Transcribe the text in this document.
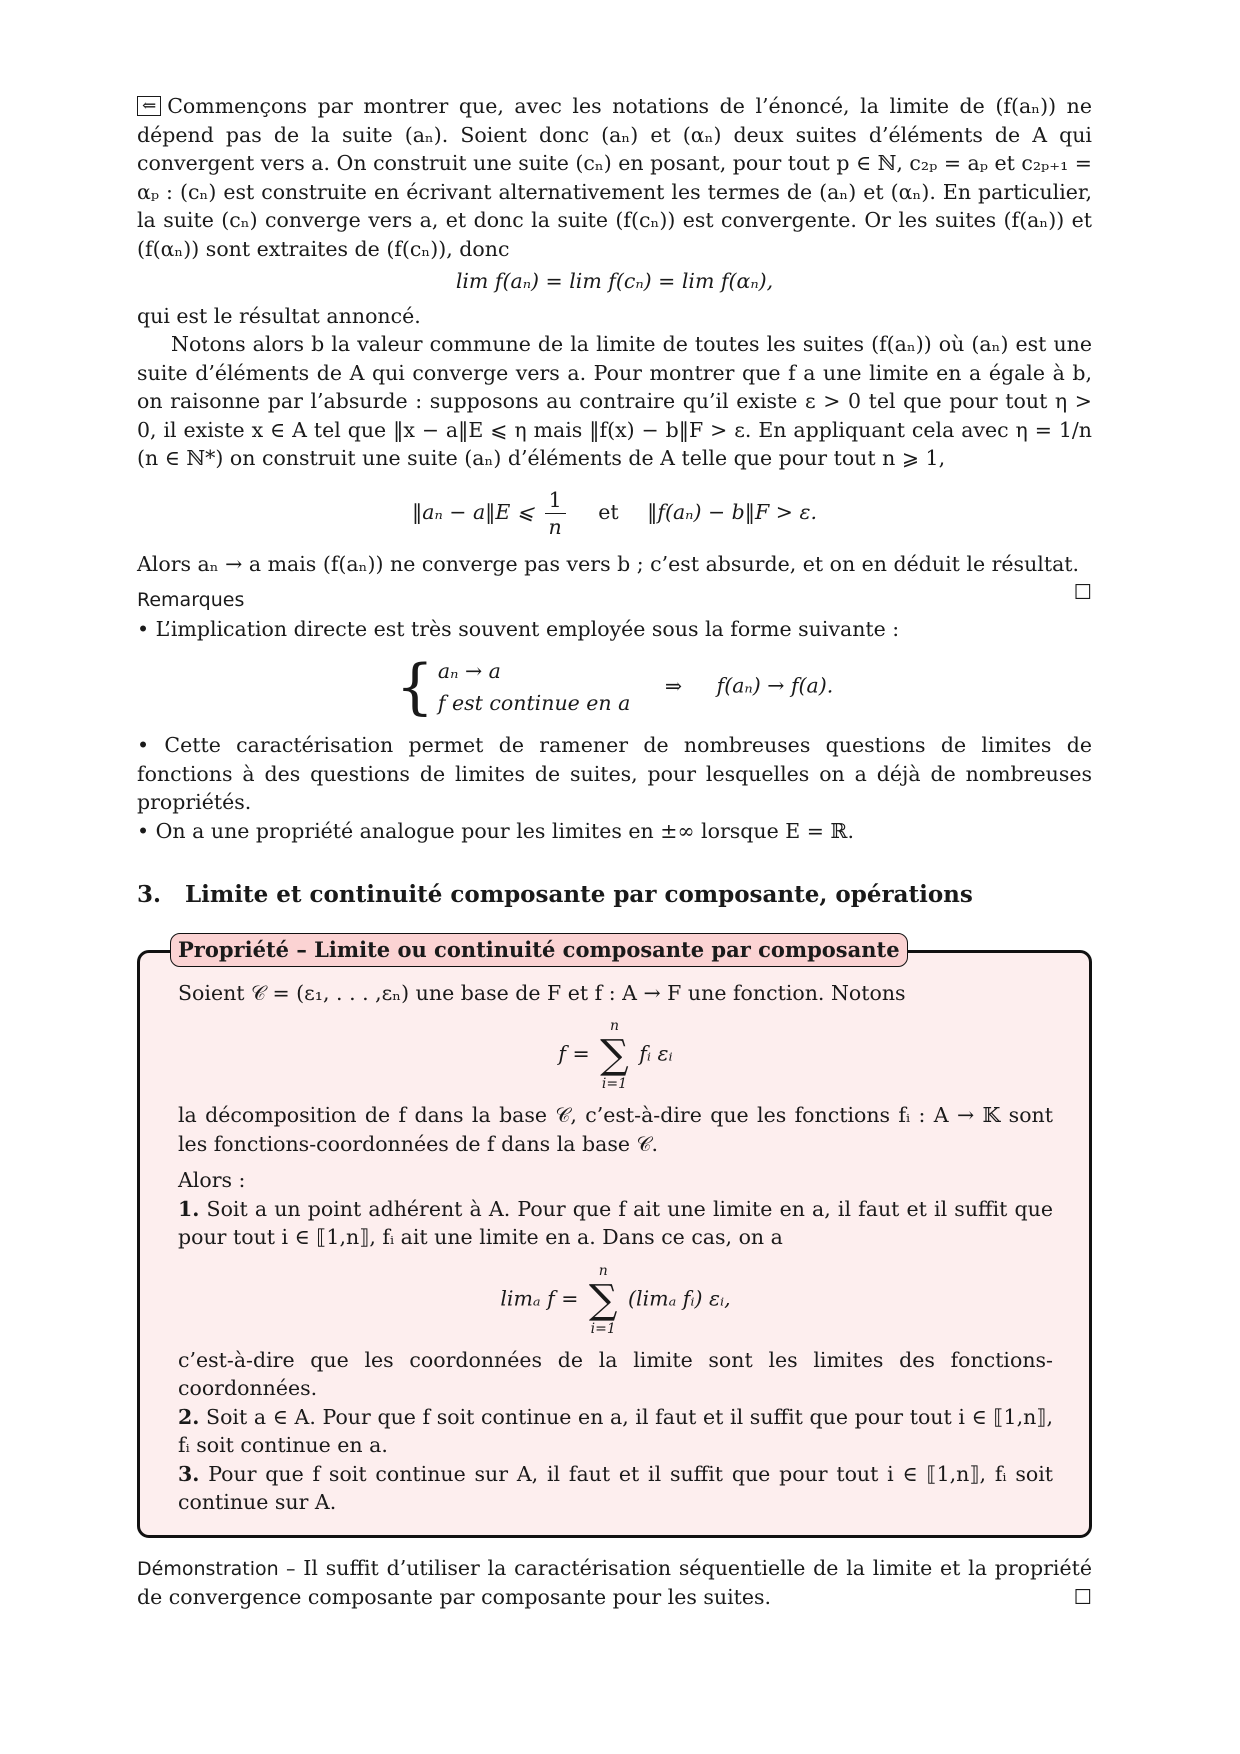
⇐ Commençons par montrer que, avec les notations de l’énoncé, la limite de (f(aₙ)) ne dépend pas de la suite (aₙ). Soient donc (aₙ) et (αₙ) deux suites d’éléments de A qui convergent vers a. On construit une suite (cₙ) en posant, pour tout p ∈ ℕ, c₂ₚ = aₚ et c₂ₚ₊₁ = αₚ : (cₙ) est construite en écrivant alternativement les termes de (aₙ) et (αₙ). En particulier, la suite (cₙ) converge vers a, et donc la suite (f(cₙ)) est convergente. Or les suites (f(aₙ)) et (f(αₙ)) sont extraites de (f(cₙ)), donc

lim f(aₙ) = lim f(cₙ) = lim f(αₙ),

qui est le résultat annoncé.

Notons alors b la valeur commune de la limite de toutes les suites (f(aₙ)) où (aₙ) est une suite d’éléments de A qui converge vers a. Pour montrer que f a une limite en a égale à b, on raisonne par l’absurde : supposons au contraire qu’il existe ε > 0 tel que pour tout η > 0, il existe x ∈ A tel que ‖x − a‖E ⩽ η mais ‖f(x) − b‖F > ε. En appliquant cela avec η = 1/n (n ∈ ℕ*) on construit une suite (aₙ) d’éléments de A telle que pour tout n ⩾ 1,

‖aₙ − a‖E ⩽ $\frac{1}{n}$ et ‖f(aₙ) − b‖F > ε.

Alors aₙ → a mais (f(aₙ)) ne converge pas vers b ; c’est absurde, et on en déduit le résultat.
☐

Remarques

• L’implication directe est très souvent employée sous la forme suivante :

{ aₙ → a
f est continue en a
⇒ f(aₙ) → f(a).

• Cette caractérisation permet de ramener de nombreuses questions de limites de fonctions à des questions de limites de suites, pour lesquelles on a déjà de nombreuses propriétés.

• On a une propriété analogue pour les limites en ±∞ lorsque E = ℝ.

3. Limite et continuité composante par composante, opérations
Propriété – Limite ou continuité composante par composante

Soient 𝒞 = (ε₁, . . . ,εₙ) une base de F et f : A → F une fonction. Notons

f =
n
∑
i=1
fᵢ εᵢ

la décomposition de f dans la base 𝒞, c’est-à-dire que les fonctions fᵢ : A → 𝕂 sont les fonctions-coordonnées de f dans la base 𝒞.

Alors :

1. Soit a un point adhérent à A. Pour que f ait une limite en a, il faut et il suffit que pour tout i ∈ ⟦1,n⟧, fᵢ ait une limite en a. Dans ce cas, on a

limₐ f =
n
∑
i=1
(limₐ fᵢ) εᵢ,

c’est-à-dire que les coordonnées de la limite sont les limites des fonctions-coordonnées.

2. Soit a ∈ A. Pour que f soit continue en a, il faut et il suffit que pour tout i ∈ ⟦1,n⟧, fᵢ soit continue en a.

3. Pour que f soit continue sur A, il faut et il suffit que pour tout i ∈ ⟦1,n⟧, fᵢ soit continue sur A.

Démonstration – Il suffit d’utiliser la caractérisation séquentielle de la limite et la propriété de convergence composante par composante pour les suites.	☐
